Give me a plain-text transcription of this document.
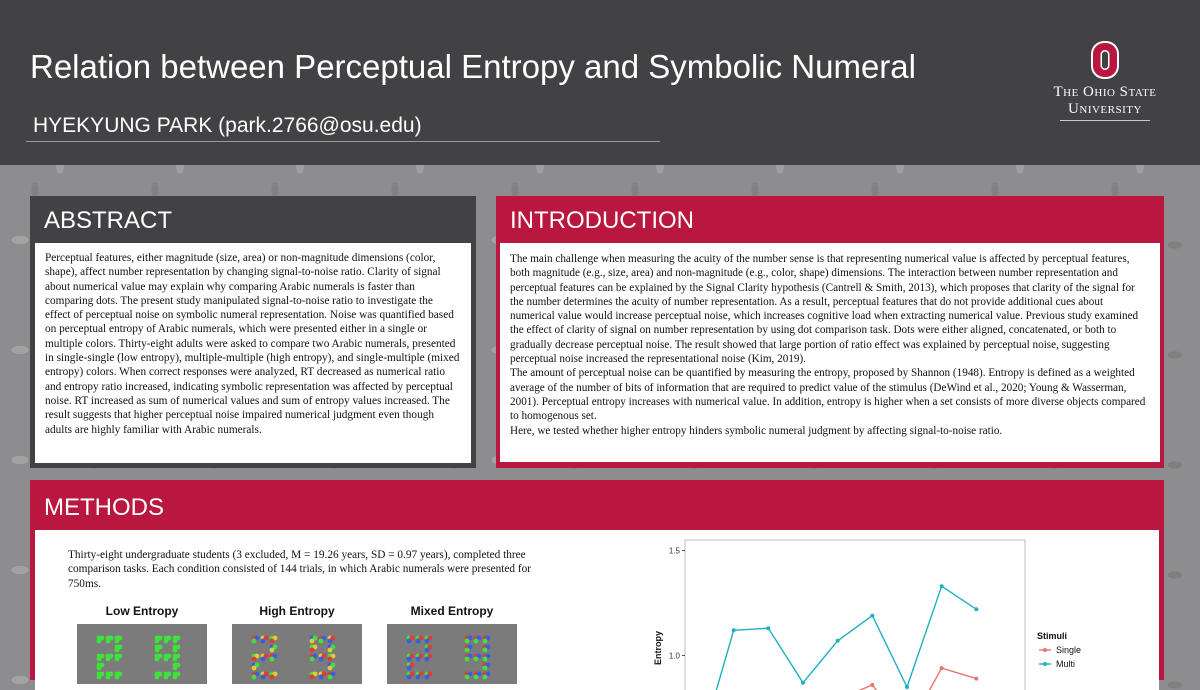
Relation between Perceptual Entropy and Symbolic Numeral
HYEKYUNG PARK (park.2766@osu.edu)
The Ohio State
University
ABSTRACT
Perceptual features, either magnitude (size, area) or non-magnitude dimensions (color, shape), affect number representation by changing signal-to-noise ratio. Clarity of signal about numerical value may explain why comparing Arabic numerals is faster than comparing dots. The present study manipulated signal-to-noise ratio to investigate the effect of perceptual noise on symbolic numeral representation. Noise was quantified based on perceptual entropy of Arabic numerals, which were presented either in a single or multiple colors. Thirty-eight adults were asked to compare two Arabic numerals, presented in single-single (low entropy), multiple-multiple (high entropy), and single-multiple (mixed entropy) colors. When correct responses were analyzed, RT decreased as numerical ratio and entropy ratio increased, indicating symbolic representation was affected by perceptual noise. RT increased as sum of numerical values and sum of entropy values increased. The result suggests that higher perceptual noise impaired numerical judgment even though adults are highly familiar with Arabic numerals.
INTRODUCTION

The main challenge when measuring the acuity of the number sense is that representing numerical value is affected by perceptual features, both magnitude (e.g., size, area) and non-magnitude (e.g., color, shape) dimensions. The interaction between number representation and perceptual features can be explained by the Signal Clarity hypothesis (Cantrell & Smith, 2013), which proposes that clarity of the signal for the number determines the acuity of number representation. As a result, perceptual features that do not provide additional cues about numerical value would increase perceptual noise, which increases cognitive load when extracting numerical value. Previous study examined the effect of clarity of signal on number representation by using dot comparison task. Dots were either aligned, concatenated, or both to gradually decrease perceptual noise. The result showed that large portion of ratio effect was explained by perceptual noise, suggesting perceptual noise increased the representational noise (Kim, 2019).

The amount of perceptual noise can be quantified by measuring the entropy, proposed by Shannon (1948). Entropy is defined as a weighted average of the number of bits of information that are required to predict value of the stimulus (DeWind et al., 2020; Young & Wasserman, 2001). Perceptual entropy increases with numerical value. In addition, entropy is higher when a set consists of more diverse objects compared to homogenous set.

Here, we tested whether higher entropy hinders symbolic numeral judgment by affecting signal-to-noise ratio.

METHODS
Thirty-eight undergraduate students (3 excluded, M = 19.26 years, SD = 0.97 years), completed three comparison tasks. Each condition consisted of 144 trials, in which Arabic numerals were presented for 750ms.
Low Entropy	High Entropy	Mixed Entropy
1.0
1.5
Entropy	Stimuli
Single
Multi
